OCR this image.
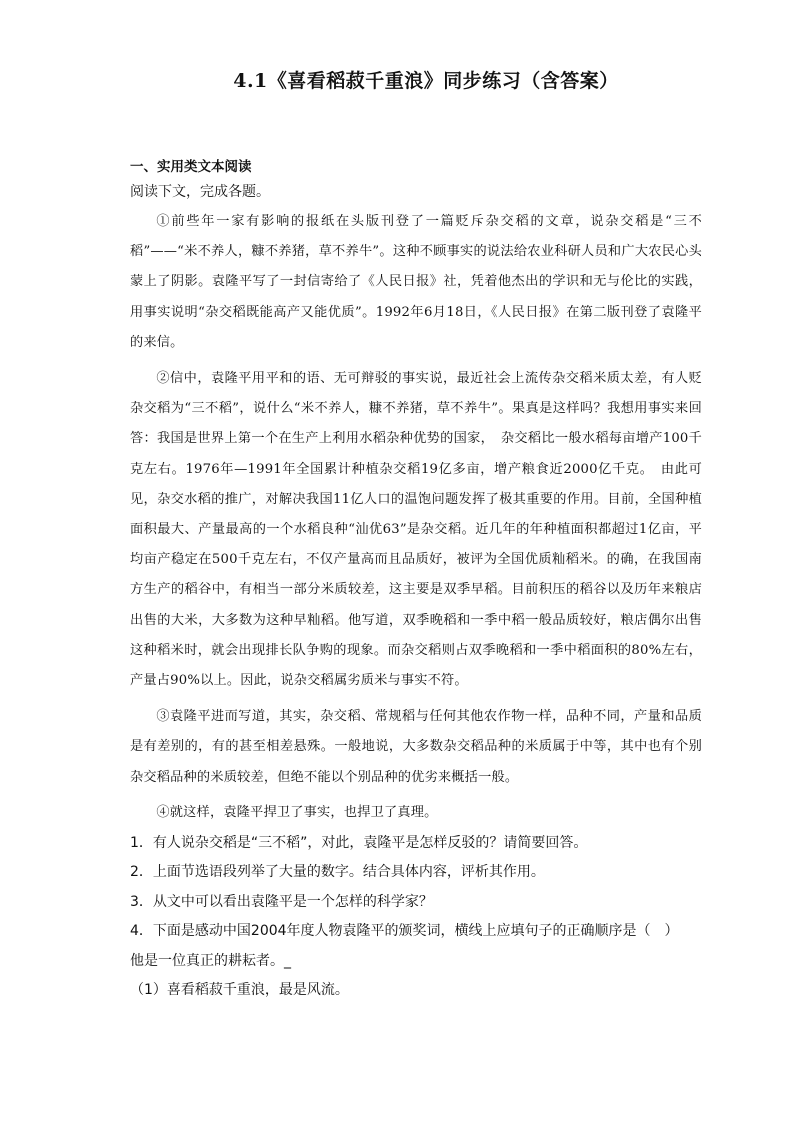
4.1《喜看稻菽千重浪》同步练习（含答案）
一、实用类文本阅读
阅读下文，完成各题。

①前些年一家有影响的报纸在头版刊登了一篇贬斥杂交稻的文章，说杂交稻是“三不稻”——“米不养人，糠不养猪，草不养牛”。这种不顾事实的说法给农业科研人员和广大农民心头蒙上了阴影。袁隆平写了一封信寄给了《人民日报》社，凭着他杰出的学识和无与伦比的实践，用事实说明“杂交稻既能高产又能优质”。1992年6月18日，《人民日报》在第二版刊登了袁隆平的来信。

②信中，袁隆平用平和的语、无可辩驳的事实说，最近社会上流传杂交稻米质太差，有人贬杂交稻为“三不稻”，说什么“米不养人，糠不养猪，草不养牛”。果真是这样吗？我想用事实来回答：我国是世界上第一个在生产上利用水稻杂种优势的国家，　杂交稻比一般水稻每亩增产100千克左右。1976年—1991年全国累计种植杂交稻19亿多亩，增产粮食近2000亿千克。　由此可见，杂交水稻的推广，对解决我国11亿人口的温饱问题发挥了极其重要的作用。目前，全国种植面积最大、产量最高的一个水稻良种“汕优63”是杂交稻。近几年的年种植面积都超过1亿亩，平均亩产稳定在500千克左右，不仅产量高而且品质好，被评为全国优质籼稻米。的确，在我国南方生产的稻谷中，有相当一部分米质较差，这主要是双季早稻。目前积压的稻谷以及历年来粮店出售的大米，大多数为这种早籼稻。他写道，双季晚稻和一季中稻一般品质较好，粮店偶尔出售这种稻米时，就会出现排长队争购的现象。而杂交稻则占双季晚稻和一季中稻面积的80%左右，产量占90%以上。因此，说杂交稻属劣质米与事实不符。

③袁隆平进而写道，其实，杂交稻、常规稻与任何其他农作物一样，品种不同，产量和品质是有差别的，有的甚至相差悬殊。一般地说，大多数杂交稻品种的米质属于中等，其中也有个别杂交稻品种的米质较差，但绝不能以个别品种的优劣来概括一般。

④就这样，袁隆平捍卫了事实，也捍卫了真理。

1．有人说杂交稻是“三不稻”，对此，袁隆平是怎样反驳的？请简要回答。

2．上面节选语段列举了大量的数字。结合具体内容，评析其作用。

3．从文中可以看出袁隆平是一个怎样的科学家？

4．下面是感动中国2004年度人物袁隆平的颁奖词，横线上应填句子的正确顺序是（　）

他是一位真正的耕耘者。_

（1）喜看稻菽千重浪，最是风流。
